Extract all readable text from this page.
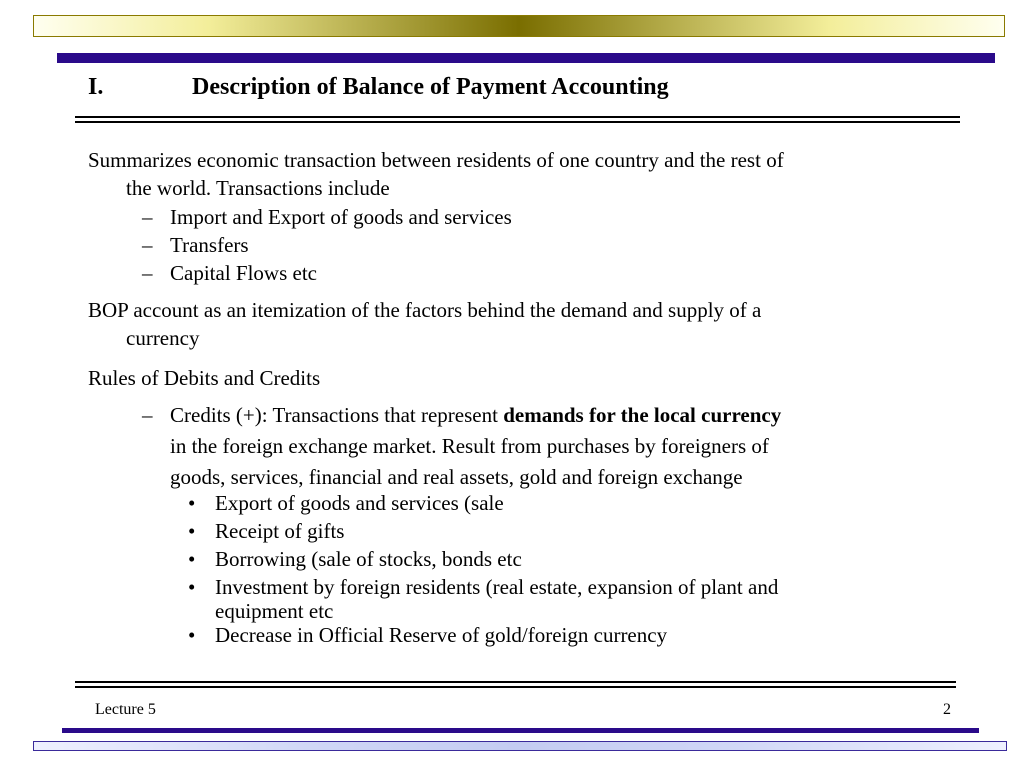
I.	Description of Balance of Payment Accounting
Summarizes economic transaction between residents of one country and the rest of
the world. Transactions include
– Import and Export of goods and services
– Transfers
– Capital Flows etc
BOP account as an itemization of the factors behind the demand and supply of a
currency
Rules of Debits and Credits
– Credits (+): Transactions that represent demands for the local currency
in the foreign exchange market. Result from purchases by foreigners of
goods, services, financial and real assets, gold and foreign exchange
• Export of goods and services (sale
• Receipt of gifts
• Borrowing (sale of stocks, bonds etc
• Investment by foreign residents (real estate, expansion of plant and
equipment etc
• Decrease in Official Reserve of gold/foreign currency
Lecture 5	2
